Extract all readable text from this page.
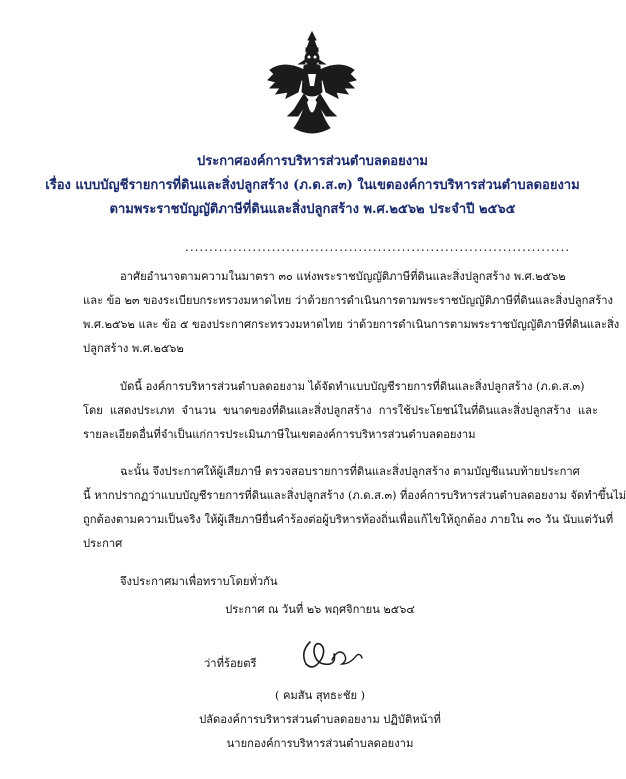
ประกาศองค์การบริหารส่วนตำบลดอยงาม
เรื่อง แบบบัญชีรายการที่ดินและสิ่งปลูกสร้าง (ภ.ด.ส.๓) ในเขตองค์การบริหารส่วนตำบลดอยงาม
ตามพระราชบัญญัติภาษีที่ดินและสิ่งปลูกสร้าง พ.ศ.๒๕๖๒ ประจำปี ๒๕๖๕
................................................................................
อาศัยอำนาจตามความในมาตรา ๓๐ แห่งพระราชบัญญัติภาษีที่ดินและสิ่งปลูกสร้าง พ.ศ.๒๕๖๒
และ ข้อ ๒๓ ของระเบียบกระทรวงมหาดไทย ว่าด้วยการดำเนินการตามพระราชบัญญัติภาษีที่ดินและสิ่งปลูกสร้าง
พ.ศ.๒๕๖๒ และ ข้อ ๕ ของประกาศกระทรวงมหาดไทย ว่าด้วยการดำเนินการตามพระราชบัญญัติภาษีที่ดินและสิ่ง
ปลูกสร้าง พ.ศ.๒๕๖๒
บัดนี้ องค์การบริหารส่วนตำบลดอยงาม ได้จัดทำแบบบัญชีรายการที่ดินและสิ่งปลูกสร้าง (ภ.ด.ส.๓)
โดย แสดงประเภท จำนวน ขนาดของที่ดินและสิ่งปลูกสร้าง การใช้ประโยชน์ในที่ดินและสิ่งปลูกสร้าง และ
รายละเอียดอื่นที่จำเป็นแก่การประเมินภาษีในเขตองค์การบริหารส่วนตำบลดอยงาม
ฉะนั้น จึงประกาศให้ผู้เสียภาษี ตรวจสอบรายการที่ดินและสิ่งปลูกสร้าง ตามบัญชีแนบท้ายประกาศ
นี้ หากปรากฏว่าแบบบัญชีรายการที่ดินและสิ่งปลูกสร้าง (ภ.ด.ส.๓) ที่องค์การบริหารส่วนตำบลดอยงาม จัดทำขึ้นไม่
ถูกต้องตามความเป็นจริง ให้ผู้เสียภาษียื่นคำร้องต่อผู้บริหารท้องถิ่นเพื่อแก้ไขให้ถูกต้อง ภายใน ๓๐ วัน นับแต่วันที่
ประกาศ
จึงประกาศมาเพื่อทราบโดยทั่วกัน
ประกาศ ณ วันที่ ๒๖ พฤศจิกายน ๒๕๖๔
ว่าที่ร้อยตรี
( คมสัน สุทธะชัย )
ปลัดองค์การบริหารส่วนตำบลดอยงาม ปฏิบัติหน้าที่
นายกองค์การบริหารส่วนตำบลดอยงาม
